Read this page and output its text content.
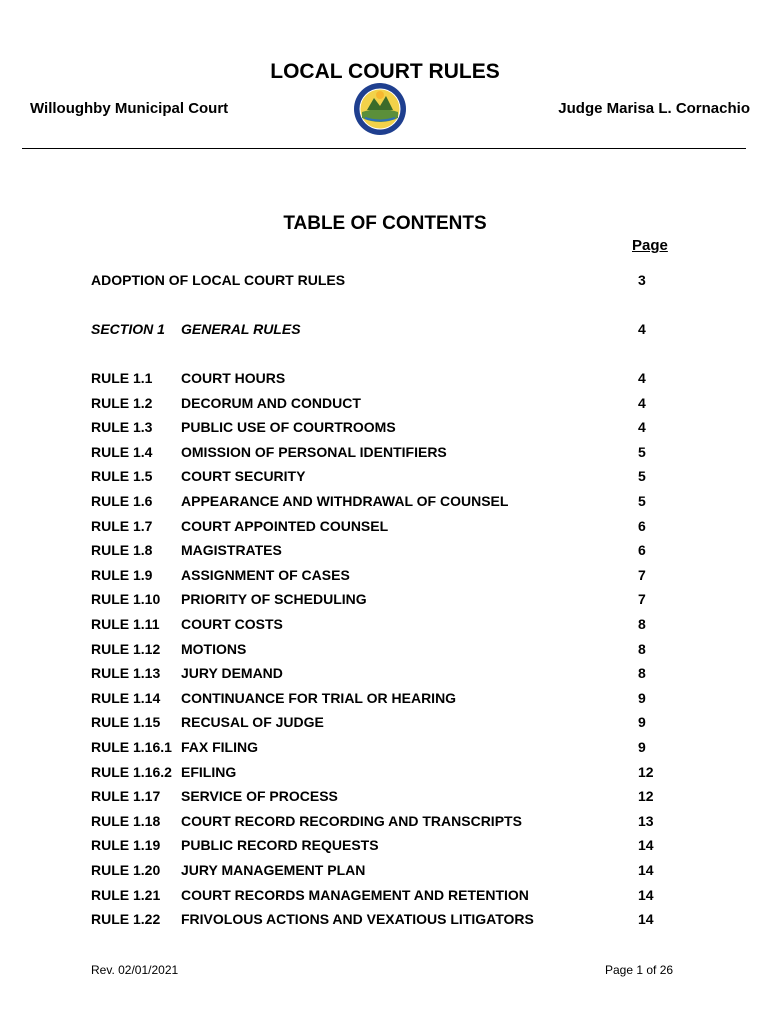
LOCAL COURT RULES
Willoughby Municipal Court	Judge Marisa L. Cornachio
TABLE OF CONTENTS
Page
ADOPTION OF LOCAL COURT RULES	3
SECTION 1 GENERAL RULES	4
RULE 1.1 COURT HOURS	4
RULE 1.2 DECORUM AND CONDUCT	4
RULE 1.3 PUBLIC USE OF COURTROOMS	4
RULE 1.4 OMISSION OF PERSONAL IDENTIFIERS	5
RULE 1.5 COURT SECURITY	5
RULE 1.6 APPEARANCE AND WITHDRAWAL OF COUNSEL	5
RULE 1.7 COURT APPOINTED COUNSEL	6
RULE 1.8 MAGISTRATES	6
RULE 1.9 ASSIGNMENT OF CASES	7
RULE 1.10 PRIORITY OF SCHEDULING	7
RULE 1.11 COURT COSTS	8
RULE 1.12 MOTIONS	8
RULE 1.13 JURY DEMAND	8
RULE 1.14 CONTINUANCE FOR TRIAL OR HEARING	9
RULE 1.15 RECUSAL OF JUDGE	9
RULE 1.16.1 FAX FILING	9
RULE 1.16.2 EFILING	12
RULE 1.17 SERVICE OF PROCESS	12
RULE 1.18 COURT RECORD RECORDING AND TRANSCRIPTS	13
RULE 1.19 PUBLIC RECORD REQUESTS	14
RULE 1.20 JURY MANAGEMENT PLAN	14
RULE 1.21 COURT RECORDS MANAGEMENT AND RETENTION	14
RULE 1.22 FRIVOLOUS ACTIONS AND VEXATIOUS LITIGATORS	14
Rev. 02/01/2021	Page 1 of 26
